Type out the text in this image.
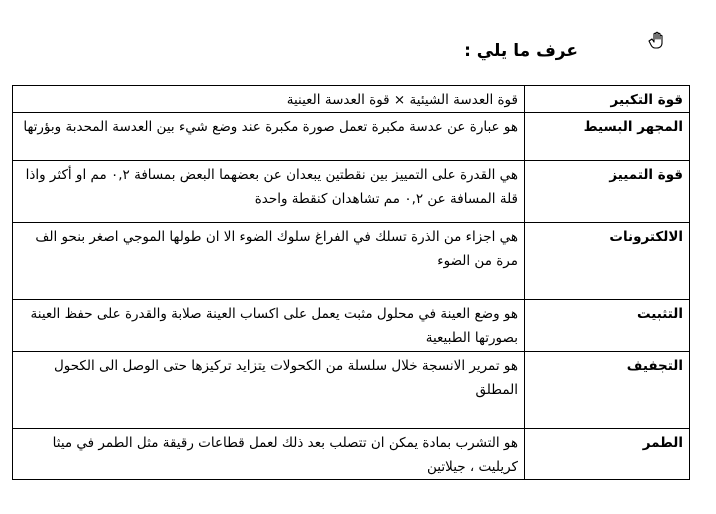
عرف ما يلي :
قوة التكبير	قوة العدسة الشيئية × قوة العدسة العينية
المجهر البسيط	هو عبارة عن عدسة مكبرة تعمل صورة مكبرة عند وضع شيء بين العدسة المحدبة وبؤرتها
قوة التمييز	هي القدرة على التمييز بين نقطتين يبعدان عن بعضهما البعض بمسافة ٠,٢ مم او أكثر واذا قلة المسافة عن ٠,٢ مم تشاهدان كنقطة واحدة
الالكترونات	هي اجزاء من الذرة تسلك في الفراغ سلوك الضوء الا ان طولها الموجي اصغر بنحو الف مرة من الضوء
التثبيت	هو وضع العينة في محلول مثبت يعمل على اكساب العينة صلابة والقدرة على حفظ العينة بصورتها الطبيعية
التجفيف	هو تمرير الانسجة خلال سلسلة من الكحولات يتزايد تركيزها حتى الوصل الى الكحول المطلق
الطمر	هو التشرب بمادة يمكن ان تتصلب بعد ذلك لعمل قطاعات رقيقة مثل الطمر في ميثا كريليت ، جيلاتين
